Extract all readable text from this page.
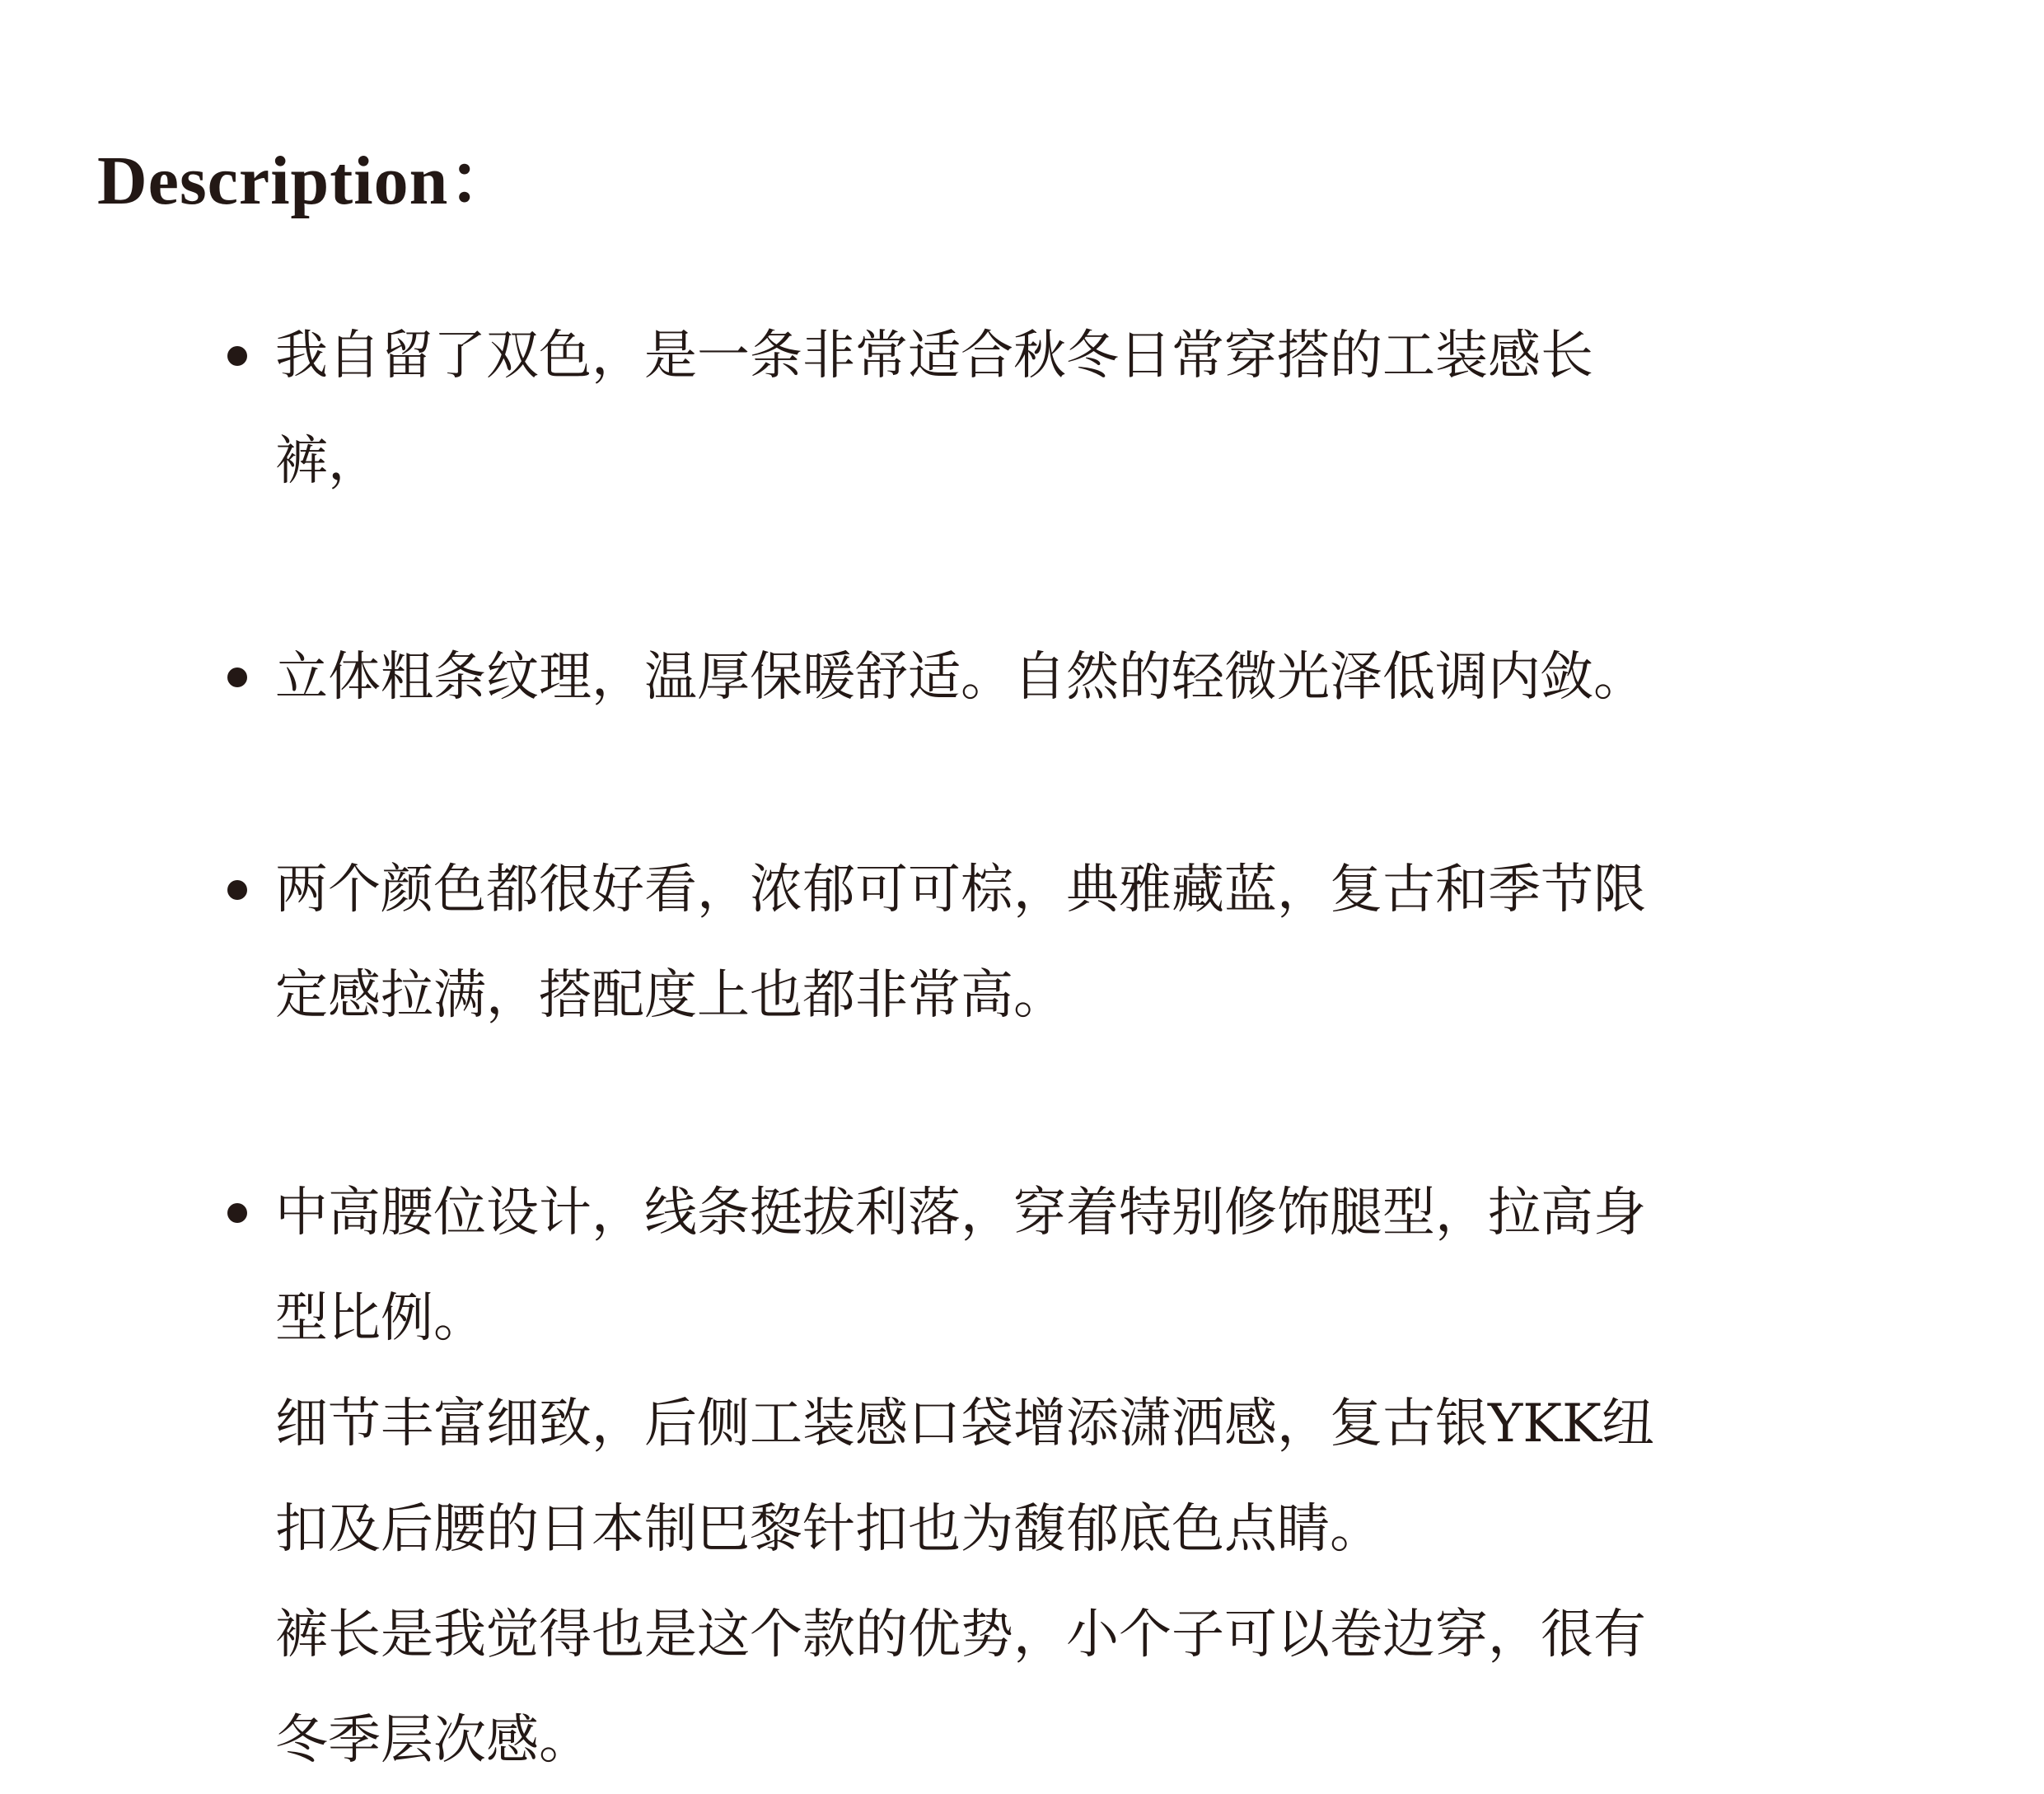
Description：
我自留了双色，是一条非常适合秋冬日常穿搭的工装感长
裤，
立体粗条纹理，温厚保暖舒适。自然的轻微光泽低调内敛。
两个颜色都很好看，浓郁可可棕，典雅藏蓝，复古和季节限
定感拉满，搭配度上也都非常高。
中高腰位设计，线条挺拔利落，穿着特别修饰腿型，拉高身
型比例。
细节丰富细致，后侧工装感口袋增添潇洒感，复古银YKK纽
扣及后腰的日本制巴黎针扣也为馥郁底色点睛。
裤长是我觉得也是这个款的优势，小个子可以卷边穿，很有
冬季层次感。
